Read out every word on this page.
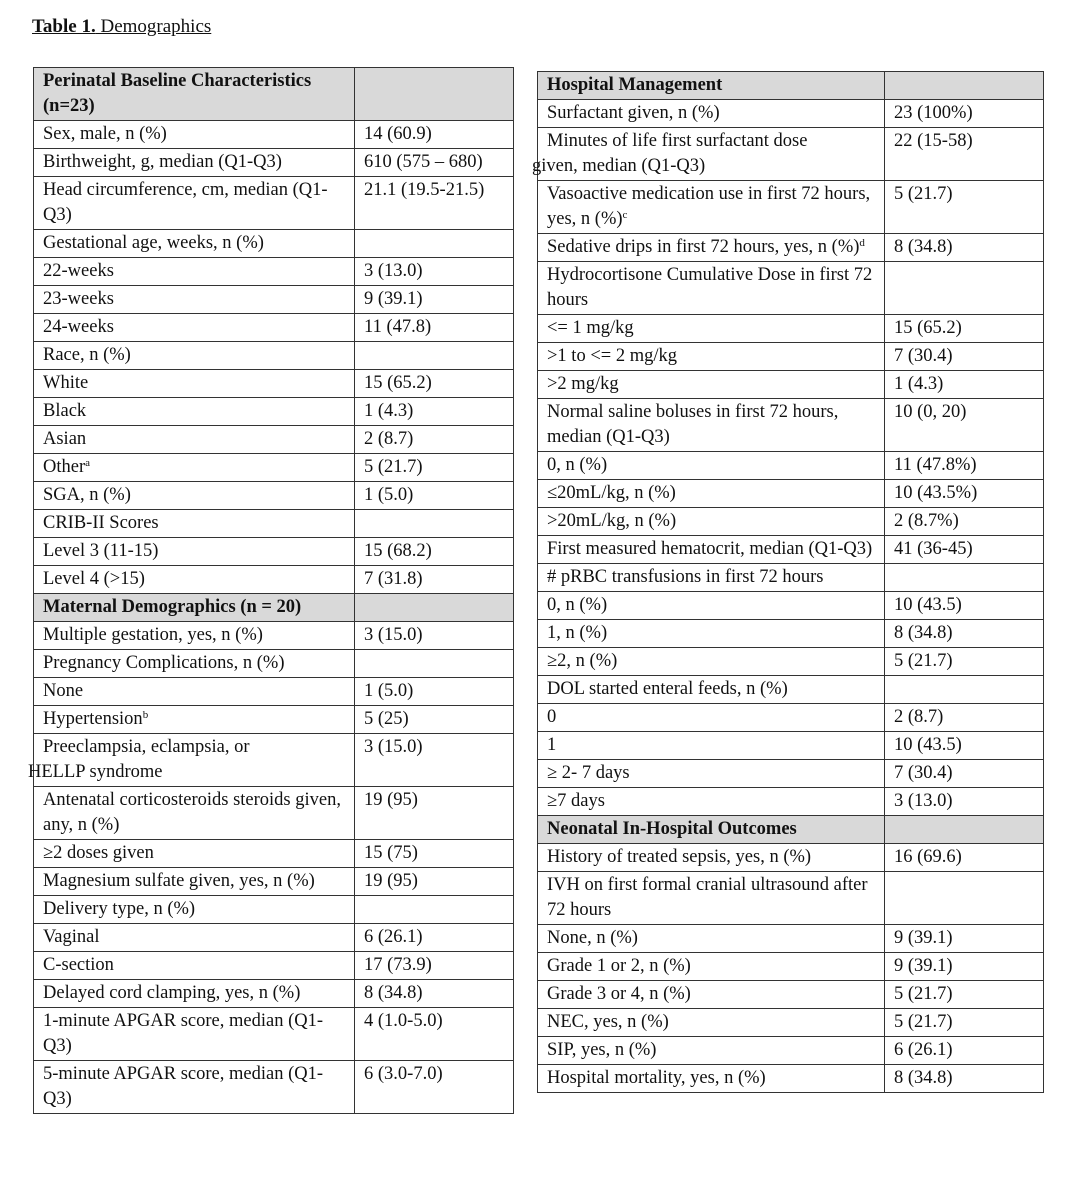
Table 1. Demographics
Perinatal Baseline Characteristics (n=23)	
Sex, male, n (%)	14 (60.9)
Birthweight, g, median (Q1-Q3)	610 (575 – 680)
Head circumference, cm, median (Q1-Q3)	21.1 (19.5-21.5)
Gestational age, weeks, n (%)	
22-weeks	3 (13.0)
23-weeks	9 (39.1)
24-weeks	11 (47.8)
Race, n (%)	
White	15 (65.2)
Black	1 (4.3)
Asian	2 (8.7)
Other$^a$	5 (21.7)
SGA, n (%)	1 (5.0)
CRIB-II Scores	
Level 3 (11-15)	15 (68.2)
Level 4 (>15)	7 (31.8)
Maternal Demographics (n = 20)	
Multiple gestation, yes, n (%)	3 (15.0)
Pregnancy Complications, n (%)	
None	1 (5.0)
Hypertension$^b$	5 (25)
Preeclampsia, eclampsia, or
HELLP syndrome	3 (15.0)
Antenatal corticosteroids steroids given, any, n (%)	19 (95)
≥2 doses given	15 (75)
Magnesium sulfate given, yes, n (%)	19 (95)
Delivery type, n (%)	
Vaginal	6 (26.1)
C-section	17 (73.9)
Delayed cord clamping, yes, n (%)	8 (34.8)
1-minute APGAR score, median (Q1-Q3)	4 (1.0-5.0)
5-minute APGAR score, median (Q1-Q3)	6 (3.0-7.0)
Hospital Management	
Surfactant given, n (%)	23 (100%)
Minutes of life first surfactant dose
given, median (Q1-Q3)	22 (15-58)
Vasoactive medication use in first 72 hours, yes, n (%)$^c$	5 (21.7)
Sedative drips in first 72 hours, yes, n (%)$^d$	8 (34.8)
Hydrocortisone Cumulative Dose in first 72 hours	
<= 1 mg/kg	15 (65.2)
>1 to <= 2 mg/kg	7 (30.4)
>2 mg/kg	1 (4.3)
Normal saline boluses in first 72 hours, median (Q1-Q3)	10 (0, 20)
0, n (%)	11 (47.8%)
≤20mL/kg, n (%)	10 (43.5%)
>20mL/kg, n (%)	2 (8.7%)
First measured hematocrit, median (Q1-Q3)	41 (36-45)
# pRBC transfusions in first 72 hours	
0, n (%)	10 (43.5)
1, n (%)	8 (34.8)
≥2, n (%)	5 (21.7)
DOL started enteral feeds, n (%)	
0	2 (8.7)
1	10 (43.5)
≥ 2- 7 days	7 (30.4)
≥7 days	3 (13.0)
Neonatal In-Hospital Outcomes	
History of treated sepsis, yes, n (%)	16 (69.6)
IVH on first formal cranial ultrasound after 72 hours	
None, n (%)	9 (39.1)
Grade 1 or 2, n (%)	9 (39.1)
Grade 3 or 4, n (%)	5 (21.7)
NEC, yes, n (%)	5 (21.7)
SIP, yes, n (%)	6 (26.1)
Hospital mortality, yes, n (%)	8 (34.8)
